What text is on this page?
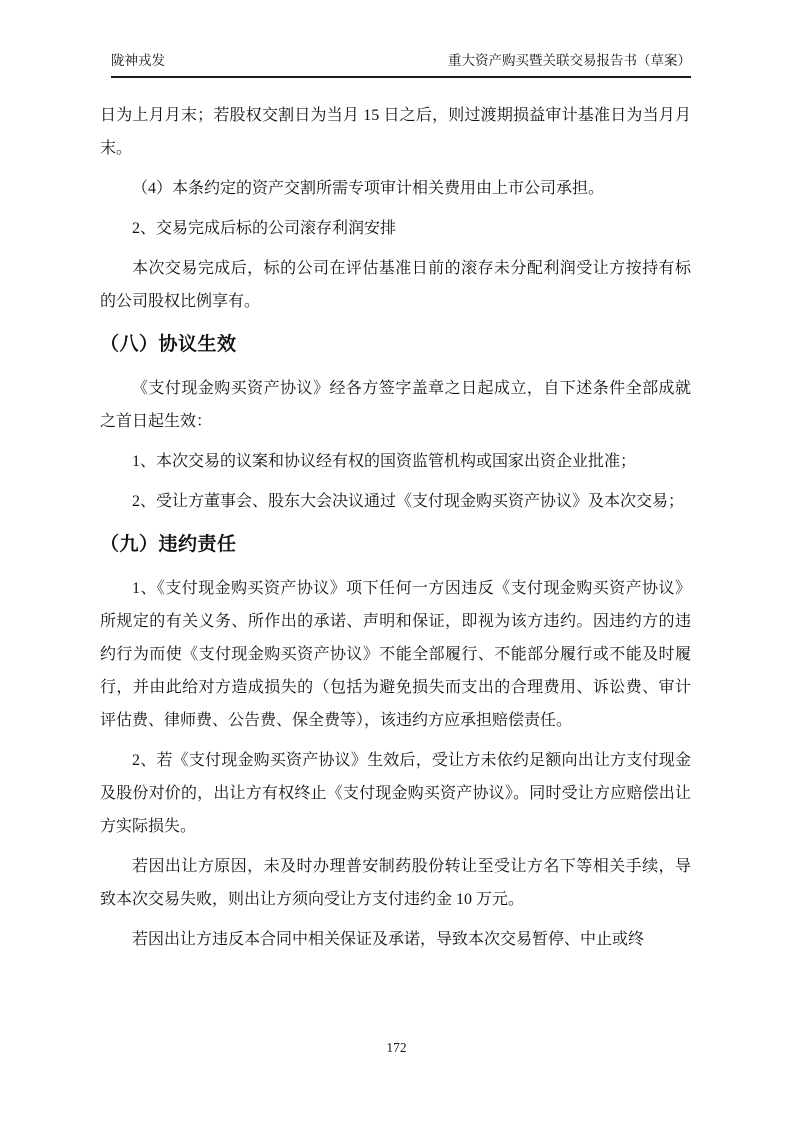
陇神戎发	重大资产购买暨关联交易报告书（草案）

日为上月月末；若股权交割日为当月 15 日之后，则过渡期损益审计基准日为当月月末。

（4）本条约定的资产交割所需专项审计相关费用由上市公司承担。

2、交易完成后标的公司滚存利润安排

本次交易完成后，标的公司在评估基准日前的滚存未分配利润受让方按持有标的公司股权比例享有。

（八）协议生效

《支付现金购买资产协议》经各方签字盖章之日起成立，自下述条件全部成就之首日起生效：

1、本次交易的议案和协议经有权的国资监管机构或国家出资企业批准；

2、受让方董事会、股东大会决议通过《支付现金购买资产协议》及本次交易；

（九）违约责任

1、《支付现金购买资产协议》项下任何一方因违反《支付现金购买资产协议》所规定的有关义务、所作出的承诺、声明和保证，即视为该方违约。因违约方的违约行为而使《支付现金购买资产协议》不能全部履行、不能部分履行或不能及时履行，并由此给对方造成损失的（包括为避免损失而支出的合理费用、诉讼费、审计评估费、律师费、公告费、保全费等），该违约方应承担赔偿责任。

2、若《支付现金购买资产协议》生效后，受让方未依约足额向出让方支付现金及股份对价的，出让方有权终止《支付现金购买资产协议》。同时受让方应赔偿出让方实际损失。

若因出让方原因，未及时办理普安制药股份转让至受让方名下等相关手续，导致本次交易失败，则出让方须向受让方支付违约金 10 万元。

若因出让方违反本合同中相关保证及承诺，导致本次交易暂停、中止或终

172
